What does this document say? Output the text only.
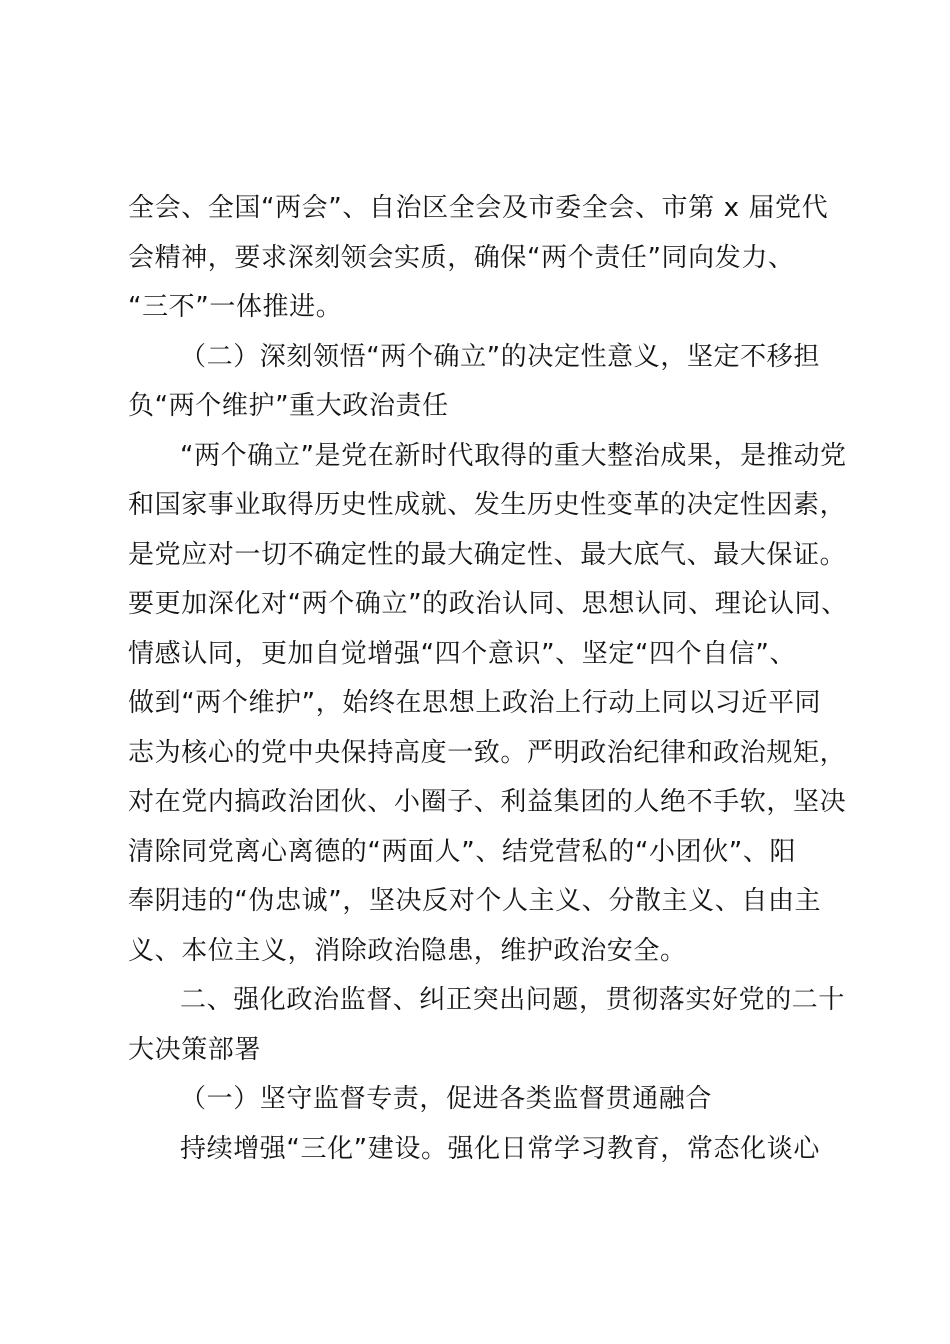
全会、全国“两会”、自治区全会及市委全会、市第 x 届党代
会精神，要求深刻领会实质，确保“两个责任”同向发力、
“三不”一体推进。
（二）深刻领悟“两个确立”的决定性意义，坚定不移担
负“两个维护”重大政治责任
“两个确立”是党在新时代取得的重大整治成果，是推动党
和国家事业取得历史性成就、发生历史性变革的决定性因素，
是党应对一切不确定性的最大确定性、最大底气、最大保证。
要更加深化对“两个确立”的政治认同、思想认同、理论认同、
情感认同，更加自觉增强“四个意识”、坚定“四个自信”、
做到“两个维护”，始终在思想上政治上行动上同以习近平同
志为核心的党中央保持高度一致。严明政治纪律和政治规矩，
对在党内搞政治团伙、小圈子、利益集团的人绝不手软，坚决
清除同党离心离德的“两面人”、结党营私的“小团伙”、阳
奉阴违的“伪忠诚”，坚决反对个人主义、分散主义、自由主
义、本位主义，消除政治隐患，维护政治安全。
二、强化政治监督、纠正突出问题，贯彻落实好党的二十
大决策部署
（一）坚守监督专责，促进各类监督贯通融合
持续增强“三化”建设。强化日常学习教育，常态化谈心
